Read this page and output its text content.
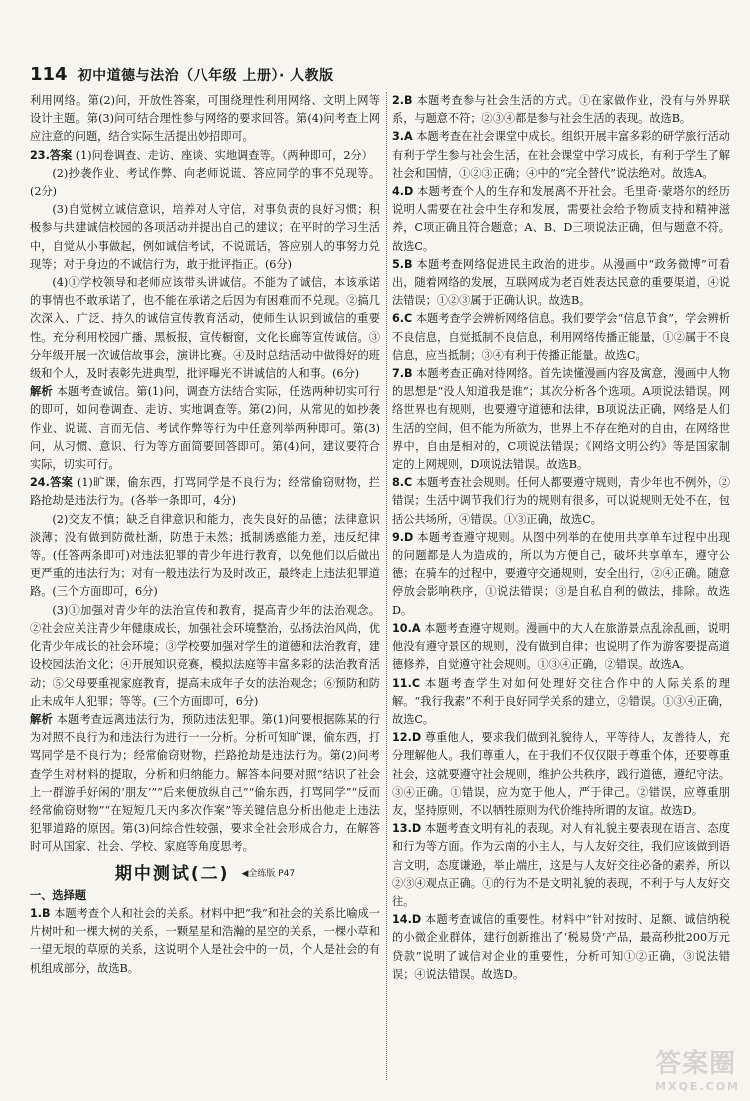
114 初中道德与法治（八年级 上册）· 人教版

利用网络。第(2)问，开放性答案，可围绕理性利用网络、文明上网等设计主题。第(3)问可结合理性参与网络的要求回答。第(4)问考查上网应注意的问题，结合实际生活提出妙招即可。

23.答案 (1)问卷调查、走访、座谈、实地调查等。（两种即可，2分）

(2)抄袭作业、考试作弊、向老师说谎、答应同学的事不兑现等。(2分)

(3)自觉树立诚信意识，培养对人守信，对事负责的良好习惯；积极参与共建诚信校园的各项活动并提出自己的建议；在平时的学习生活中，自觉从小事做起，例如诚信考试，不说谎话，答应别人的事努力兑现等；对于身边的不诚信行为，敢于批评指正。(6分)

(4)①学校领导和老师应该带头讲诚信。不能为了诚信，本该承诺的事情也不敢承诺了，也不能在承诺之后因为有困难而不兑现。②搞几次深入、广泛、持久的诚信宣传教育活动，使师生认识到诚信的重要性。充分利用校园广播、黑板报，宣传橱窗，文化长廊等宣传诚信。③分年级开展一次诚信故事会，演讲比赛。④及时总结活动中做得好的班级和个人，及时表彰先进典型，批评曝光不讲诚信的人和事。(6分)

解析 本题考查诚信。第(1)问，调查方法结合实际，任选两种切实可行的即可，如问卷调查、走访、实地调查等。第(2)问，从常见的如抄袭作业、说谎、言而无信、考试作弊等行为中任意列举两种即可。第(3)问，从习惯、意识、行为等方面简要回答即可。第(4)问，建议要符合实际，切实可行。

24.答案 (1)旷课，偷东西，打骂同学是不良行为；经常偷窃财物，拦路抢劫是违法行为。(各举一条即可，4分)

(2)交友不慎；缺乏自律意识和能力，丧失良好的品德；法律意识淡薄；没有做到防微杜渐，防患于未然；抵制诱惑能力差，违反纪律等。(任答两条即可)对违法犯罪的青少年进行教育，以免他们以后做出更严重的违法行为；对有一般违法行为及时改正，最终走上违法犯罪道路。(三个方面即可，6分)

(3)①加强对青少年的法治宣传和教育，提高青少年的法治观念。②社会应关注青少年健康成长，加强社会环境整治，弘扬法治风尚，优化青少年成长的社会环境；③学校要加强对学生的道德和法治教育，建设校园法治文化；④开展知识竞赛，模拟法庭等丰富多彩的法治教育活动；⑤父母要重视家庭教育，提高未成年子女的法治观念；⑥预防和防止未成年人犯罪；等等。(三个方面即可，6分)

解析 本题考查远离违法行为，预防违法犯罪。第(1)问要根据陈某的行为对照不良行为和违法行为进行一一分析。分析可知旷课，偷东西，打骂同学是不良行为；经常偷窃财物，拦路抢劫是违法行为。第(2)问考查学生对材料的提取，分析和归纳能力。解答本问要对照“结识了社会上一群游手好闲的‘朋友’”“后来便放纵自己”“偷东西，打骂同学”“反而经常偷窃财物”“在短短几天内多次作案”等关键信息分析出他走上违法犯罪道路的原因。第(3)问综合性较强，要求全社会形成合力，在解答时可从国家、社会、学校、家庭等角度思考。

期中测试(二) ◀全练版 P47
一、选择题

1.B 本题考查个人和社会的关系。材料中把“我”和社会的关系比喻成一片树叶和一棵大树的关系，一颗星星和浩瀚的星空的关系，一棵小草和一望无垠的草原的关系，这说明个人是社会中的一员，个人是社会的有机组成部分，故选B。

2.B 本题考查参与社会生活的方式。①在家做作业，没有与外界联系，与题意不符；②③④都是参与社会生活的表现。故选B。

3.A 本题考查在社会课堂中成长。组织开展丰富多彩的研学旅行活动有利于学生参与社会生活，在社会课堂中学习成长，有利于学生了解社会和国情，①②③正确；④中的“完全替代”说法绝对。故选A。

4.D 本题考查个人的生存和发展离不开社会。毛里奇·蒙塔尔的经历说明人需要在社会中生存和发展，需要社会给予物质支持和精神滋养，C项正确且符合题意；A、B、D三项说法正确，但与题意不符。故选C。

5.B 本题考查网络促进民主政治的进步。从漫画中“政务微博”可看出，随着网络的发展，互联网成为老百姓表达民意的重要渠道，④说法错误；①②③属于正确认识。故选B。

6.C 本题考查学会辨析网络信息。我们要学会“信息节食”，学会辨析不良信息，自觉抵制不良信息，利用网络传播正能量，①②属于不良信息，应当抵制；③④有利于传播正能量。故选C。

7.B 本题考查正确对待网络。首先读懂漫画内容及寓意，漫画中人物的思想是“没人知道我是谁”；其次分析各个选项。A项说法错误。网络世界也有规则，也要遵守道德和法律，B项说法正确，网络是人们生活的空间，但不能为所欲为，世界上不存在绝对的自由，在网络世界中，自由是相对的，C项说法错误；《网络文明公约》等是国家制定的上网规则，D项说法错误。故选B。

8.C 本题考查社会规则。任何人都要遵守规则，青少年也不例外，②错误；生活中调节我们行为的规则有很多，可以说规则无处不在，包括公共场所，④错误。①③正确，故选C。

9.D 本题考查遵守规则。从图中列举的在使用共享单车过程中出现的问题都是人为造成的，所以为方便自己，破坏共享单车，遵守公德；在骑车的过程中，要遵守交通规则，安全出行，②④正确。随意停放会影响秩序，①说法错误；③是自私自利的做法，排除。故选D。

10.A 本题考查遵守规则。漫画中的大人在旅游景点乱涂乱画，说明他没有遵守景区的规则，没有做到自律；也说明了作为游客要提高道德修养，自觉遵守社会规则。①③④正确，②错误。故选A。

11.C 本题考查学生对如何处理好交往合作中的人际关系的理解。“我行我素”不利于良好同学关系的建立，②错误。①③④正确，故选C。

12.D 尊重他人，要求我们做到礼貌待人，平等待人，友善待人，充分理解他人。我们尊重人，在于我们不仅仅限于尊重个体，还要尊重社会，这就要遵守社会规则，维护公共秩序，践行道德，遵纪守法。③④正确。①错误，应为宽于他人，严于律己。②错误，应尊重朋友，坚持原则，不以牺牲原则为代价维持所谓的友谊。故选D。

13.D 本题考查文明有礼的表现。对人有礼貌主要表现在语言、态度和行为等方面。作为云南的小主人，与人友好交往，我们应该做到语言文明，态度谦逊，举止端庄，这是与人友好交往必备的素养，所以②③④观点正确。①的行为不是文明礼貌的表现，不利于与人友好交往。

14.D 本题考查诚信的重要性。材料中“针对按时、足额、诚信纳税的小微企业群体，建行创新推出了‘税易贷’产品，最高秒批200万元贷款”说明了诚信对企业的重要性，分析可知①②正确，③说法错误；④说法错误。故选D。

答案圈
MXQE.COM
